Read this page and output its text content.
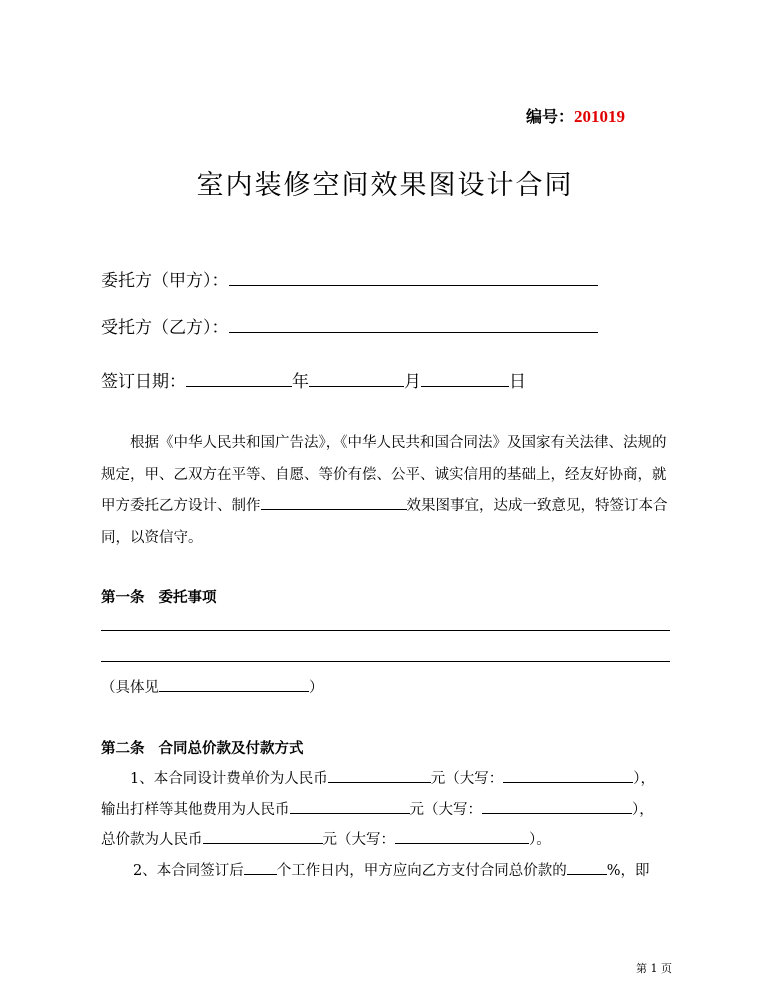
编号：201019
室内装修空间效果图设计合同
委托方（甲方）：
受托方（乙方）：
签订日期：	年	月	日
根据《中华人民共和国广告法》，《中华人民共和国合同法》及国家有关法律、法规的规定，甲、乙双方在平等、自愿、等价有偿、公平、诚实信用的基础上，经友好协商，就甲方委托乙方设计、制作	效果图事宜，达成一致意见，特签订本合同，以资信守。
第一条 委托事项
（具体见	）
第二条 合同总价款及付款方式
1、本合同设计费单价为人民币	元（大写：	），
输出打样等其他费用为人民币	元（大写：	），
总价款为人民币	元（大写：	）。
2、本合同签订后 个工作日内，甲方应向乙方支付合同总价款的	%，即
第 1 页
